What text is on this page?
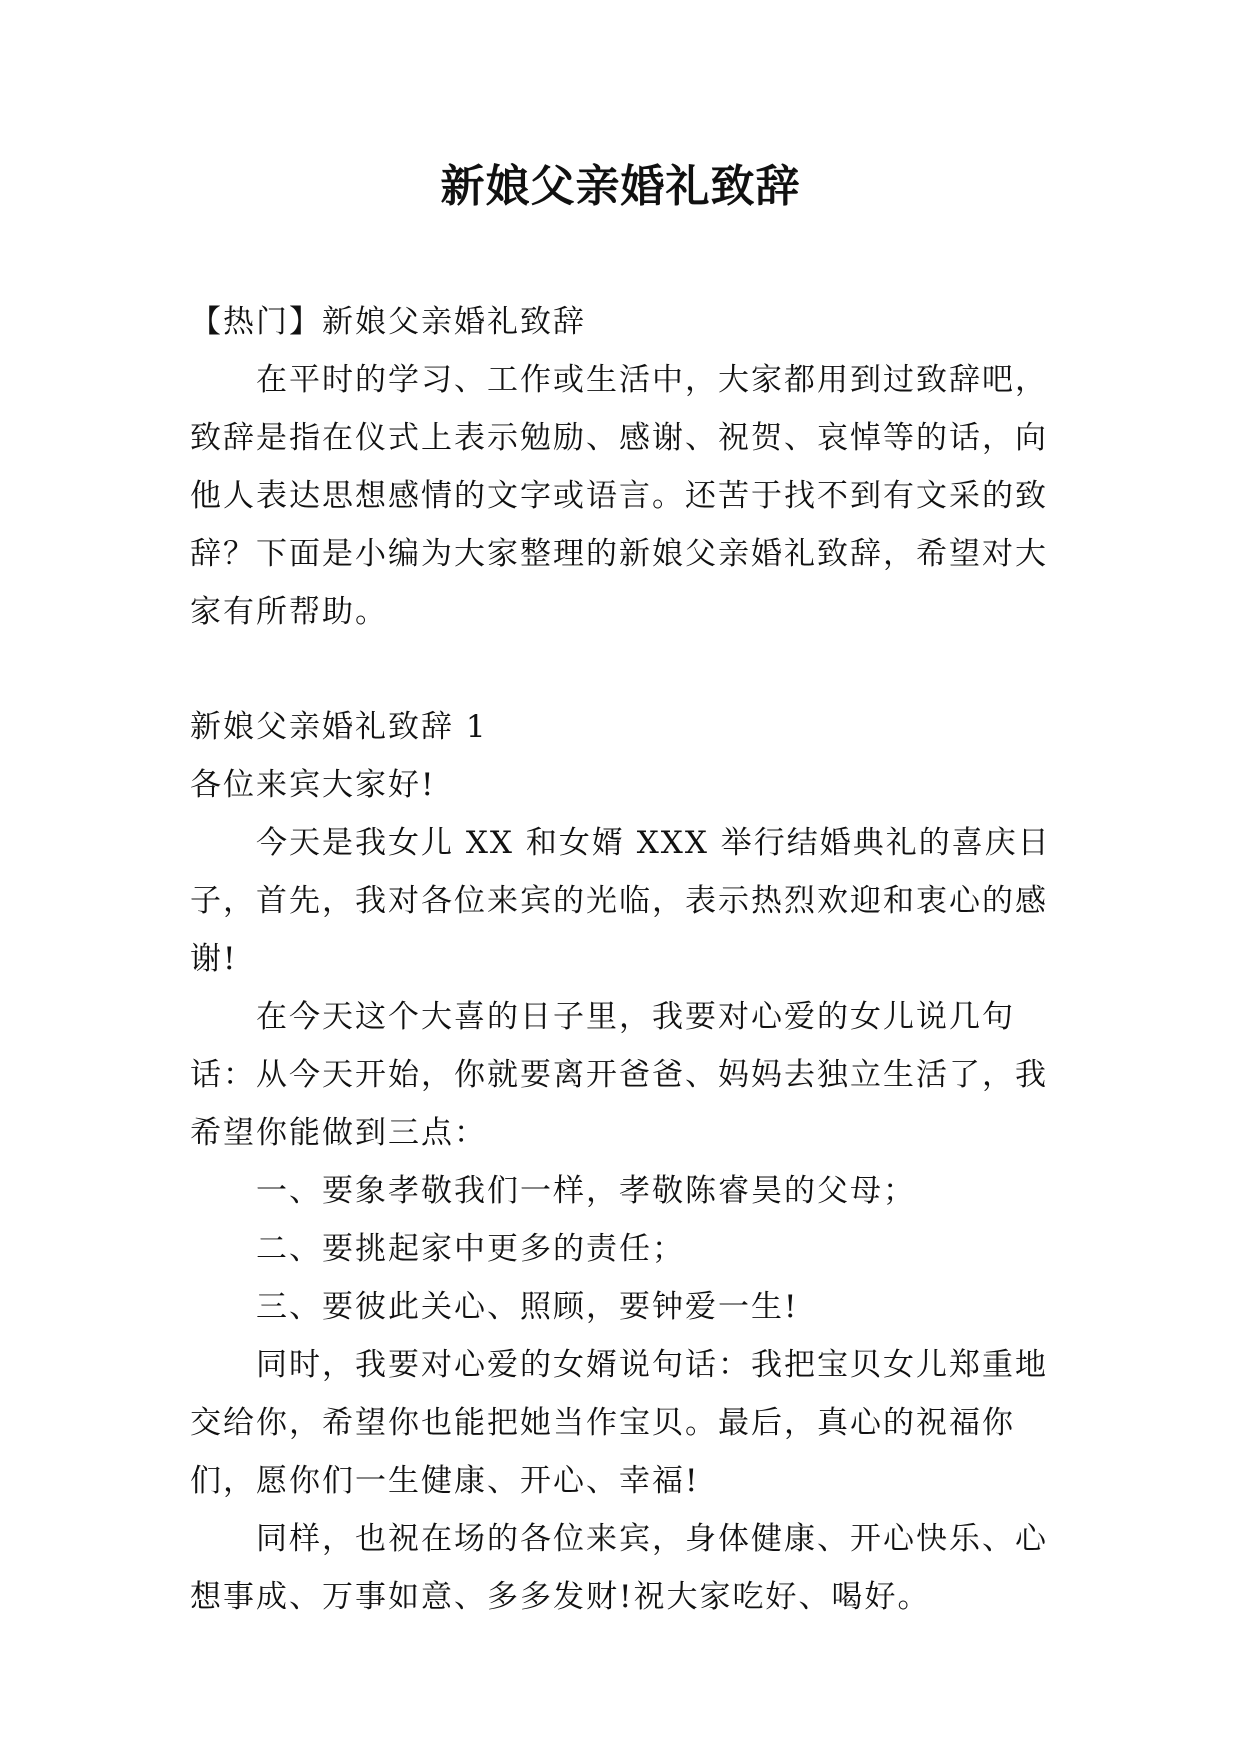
新娘父亲婚礼致辞

【热门】新娘父亲婚礼致辞

在平时的学习、工作或生活中，大家都用到过致辞吧，致辞是指在仪式上表示勉励、感谢、祝贺、哀悼等的话，向他人表达思想感情的文字或语言。还苦于找不到有文采的致辞？下面是小编为大家整理的新娘父亲婚礼致辞，希望对大家有所帮助。

新娘父亲婚礼致辞 1

各位来宾大家好!

今天是我女儿 XX 和女婿 XXX 举行结婚典礼的喜庆日子，首先，我对各位来宾的光临，表示热烈欢迎和衷心的感谢!

在今天这个大喜的日子里，我要对心爱的女儿说几句话：从今天开始，你就要离开爸爸、妈妈去独立生活了，我希望你能做到三点：

一、要象孝敬我们一样，孝敬陈睿昊的父母；

二、要挑起家中更多的责任；

三、要彼此关心、照顾，要钟爱一生!

同时，我要对心爱的女婿说句话：我把宝贝女儿郑重地交给你，希望你也能把她当作宝贝。最后，真心的祝福你们，愿你们一生健康、开心、幸福!

同样，也祝在场的各位来宾，身体健康、开心快乐、心想事成、万事如意、多多发财!祝大家吃好、喝好。
